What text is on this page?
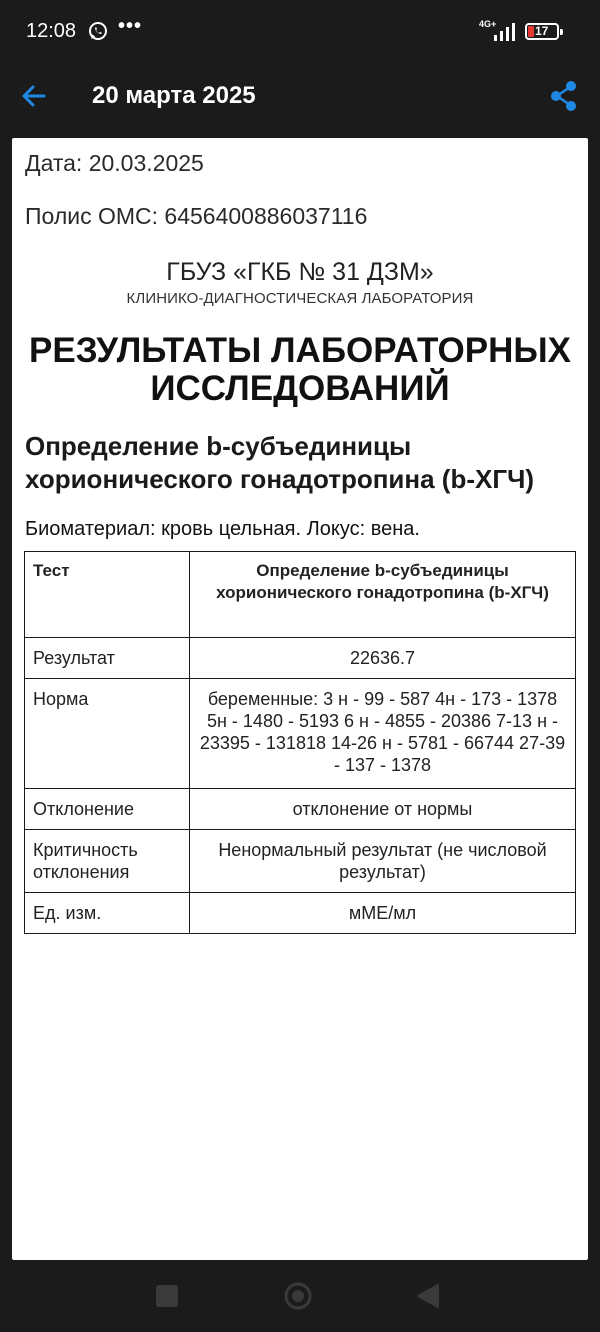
12:08 •••	4G+	17
20 марта 2025
Дата: 20.03.2025
Полис ОМС: 6456400886037116
ГБУЗ «ГКБ № 31 ДЗМ»
КЛИНИКО-ДИАГНОСТИЧЕСКАЯ ЛАБОРАТОРИЯ
РЕЗУЛЬТАТЫ ЛАБОРАТОРНЫХ ИССЛЕДОВАНИЙ
Определение b-субъединицы хорионического гонадотропина (b-ХГЧ)
Биоматериал: кровь цельная. Локус: вена.
Тест	Определение b-субъединицы хорионического гонадотропина (b-ХГЧ)
Результат	22636.7
Норма	беременные: 3 н - 99 - 587 4н - 173 - 1378 5н - 1480 - 5193 6 н - 4855 - 20386 7-13 н - 23395 - 131818 14-26 н - 5781 - 66744 27-39 - 137 - 1378
Отклонение	отклонение от нормы
Критичность отклонения	Ненормальный результат (не числовой результат)
Ед. изм.	мМЕ/мл
